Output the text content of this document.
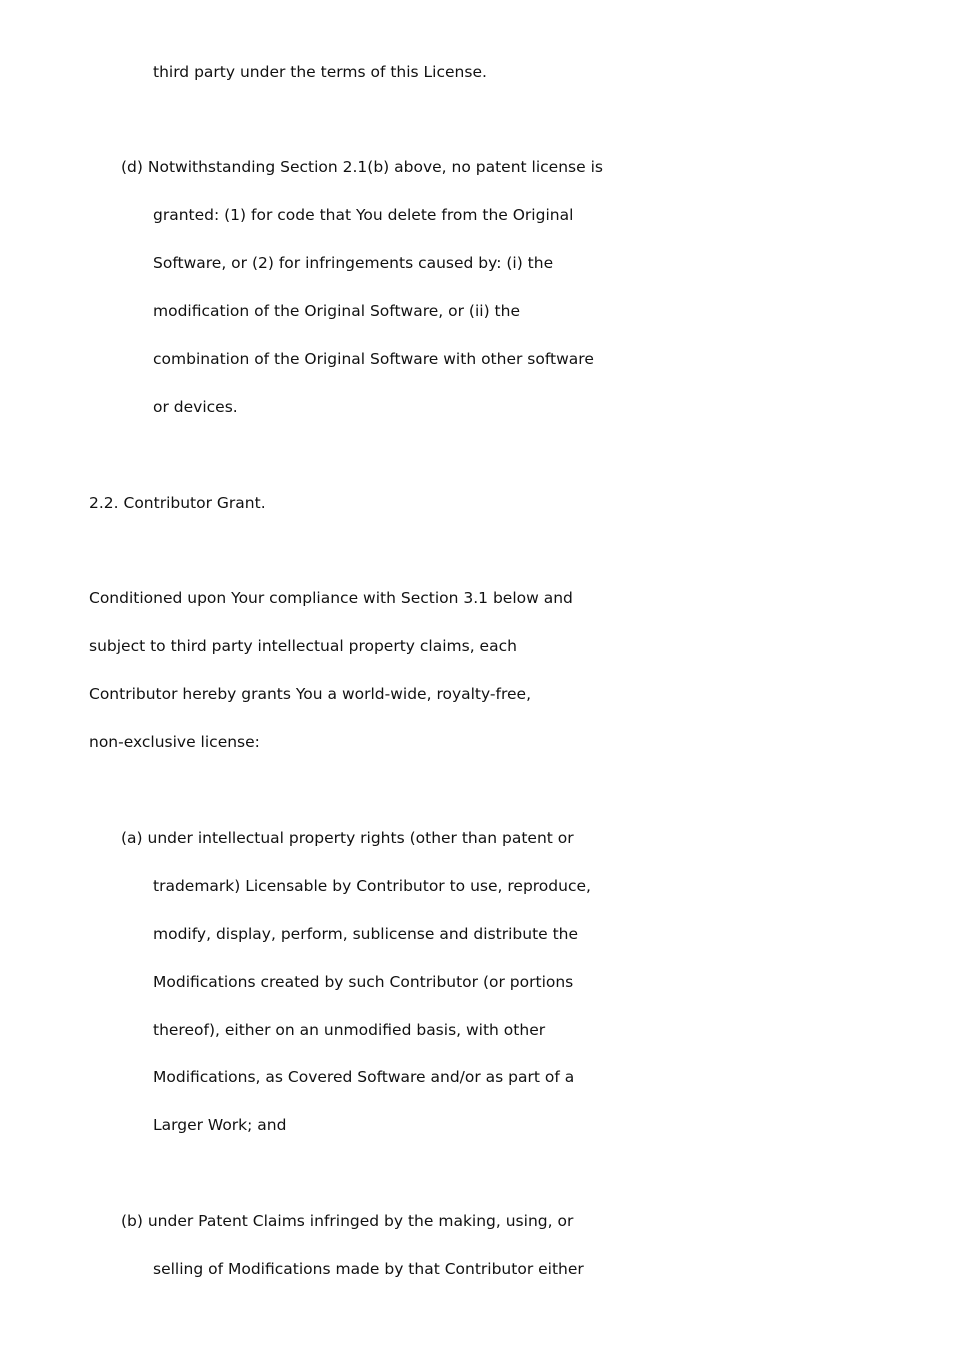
third party under the terms of this License.
(d) Notwithstanding Section 2.1(b) above, no patent license is
granted: (1) for code that You delete from the Original
Software, or (2) for infringements caused by: (i) the
modification of the Original Software, or (ii) the
combination of the Original Software with other software
or devices.
2.2. Contributor Grant.
Conditioned upon Your compliance with Section 3.1 below and
subject to third party intellectual property claims, each
Contributor hereby grants You a world-wide, royalty-free,
non-exclusive license:
(a) under intellectual property rights (other than patent or
trademark) Licensable by Contributor to use, reproduce,
modify, display, perform, sublicense and distribute the
Modifications created by such Contributor (or portions
thereof), either on an unmodified basis, with other
Modifications, as Covered Software and/or as part of a
Larger Work; and
(b) under Patent Claims infringed by the making, using, or
selling of Modifications made by that Contributor either
